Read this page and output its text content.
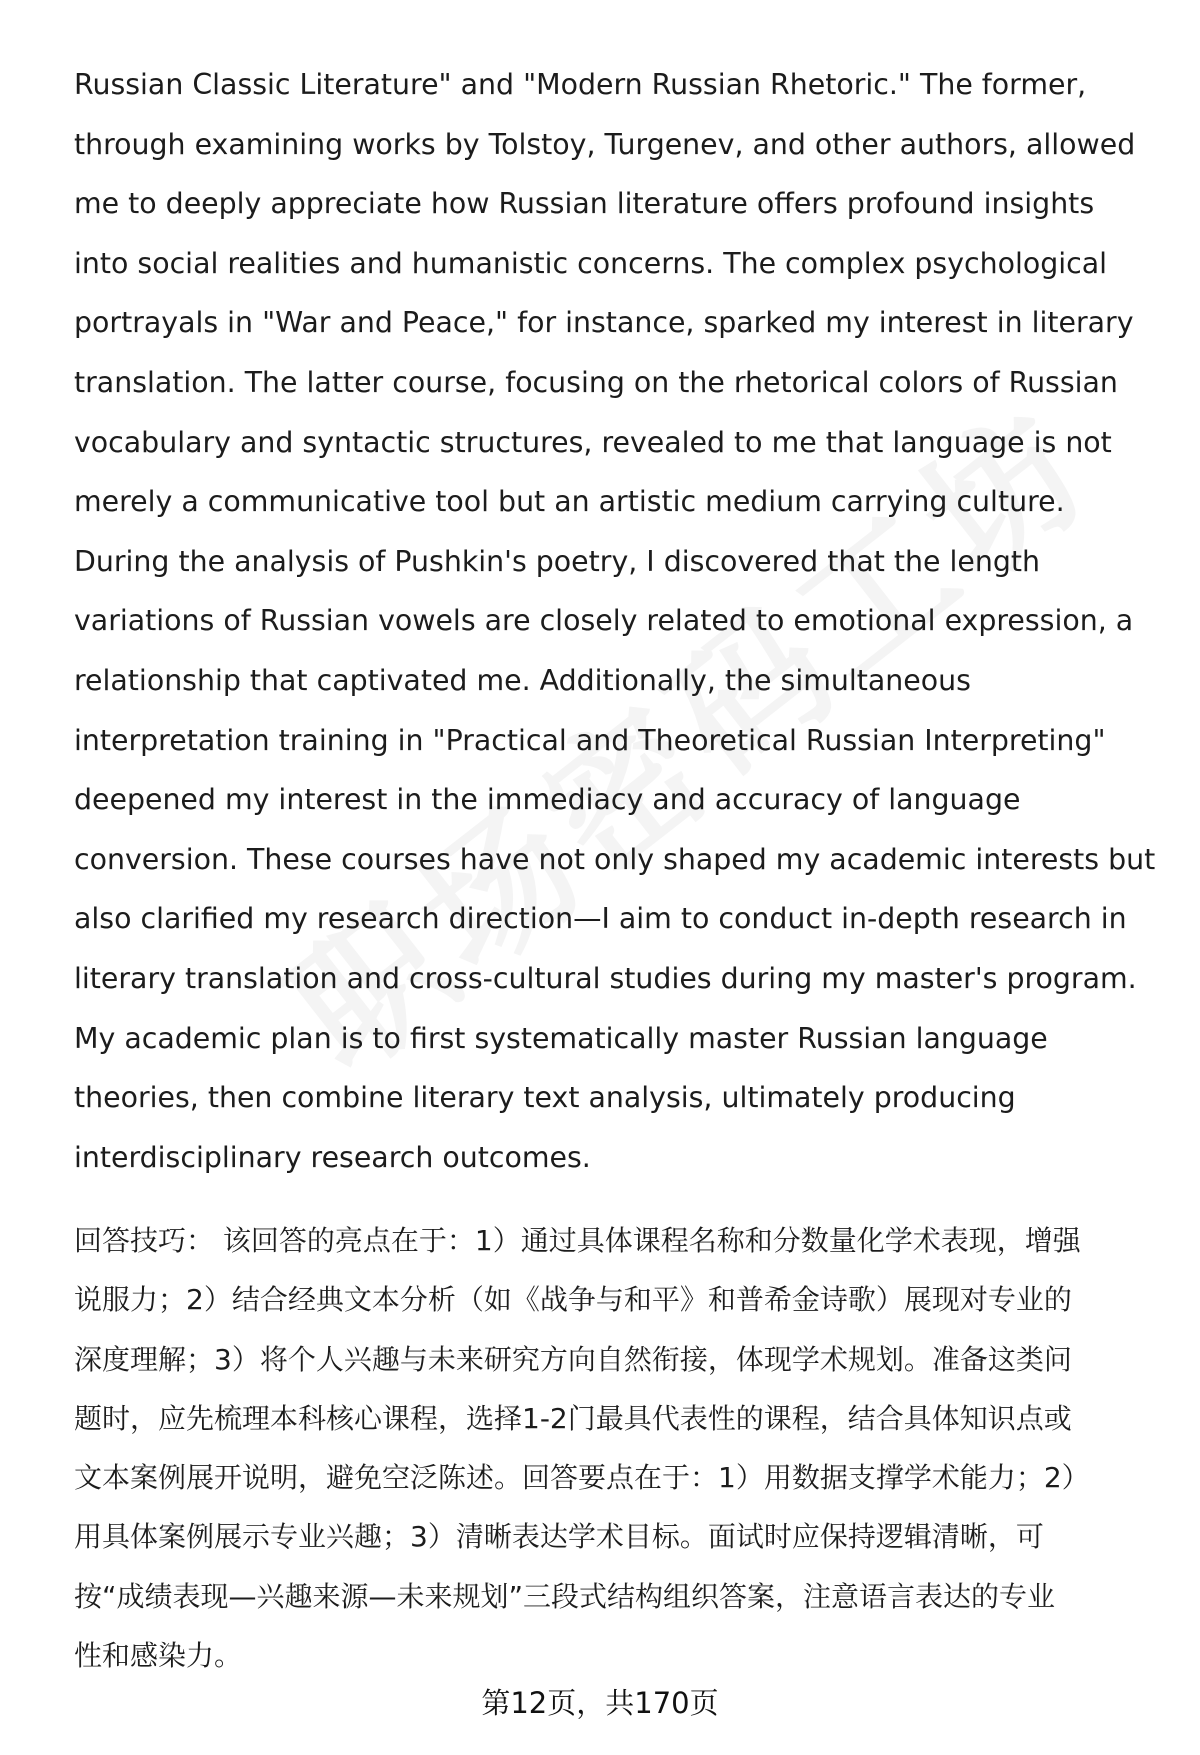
Russian Classic Literature" and "Modern Russian Rhetoric." The former,
through examining works by Tolstoy, Turgenev, and other authors, allowed
me to deeply appreciate how Russian literature offers profound insights
into social realities and humanistic concerns. The complex psychological
portrayals in "War and Peace," for instance, sparked my interest in literary
translation. The latter course, focusing on the rhetorical colors of Russian
vocabulary and syntactic structures, revealed to me that language is not
merely a communicative tool but an artistic medium carrying culture.
During the analysis of Pushkin's poetry, I discovered that the length
variations of Russian vowels are closely related to emotional expression, a
relationship that captivated me. Additionally, the simultaneous
interpretation training in "Practical and Theoretical Russian Interpreting"
deepened my interest in the immediacy and accuracy of language
conversion. These courses have not only shaped my academic interests but
also clarified my research direction—I aim to conduct in-depth research in
literary translation and cross-cultural studies during my master's program.
My academic plan is to first systematically master Russian language
theories, then combine literary text analysis, ultimately producing
interdisciplinary research outcomes.
回答技巧： 该回答的亮点在于：1）通过具体课程名称和分数量化学术表现，增强
说服力；2）结合经典文本分析（如《战争与和平》和普希金诗歌）展现对专业的
深度理解；3）将个人兴趣与未来研究方向自然衔接，体现学术规划。准备这类问
题时，应先梳理本科核心课程，选择1-2门最具代表性的课程，结合具体知识点或
文本案例展开说明，避免空泛陈述。回答要点在于：1）用数据支撑学术能力；2）
用具体案例展示专业兴趣；3）清晰表达学术目标。面试时应保持逻辑清晰，可
按“成绩表现—兴趣来源—未来规划”三段式结构组织答案，注意语言表达的专业
性和感染力。
第12页，共170页
